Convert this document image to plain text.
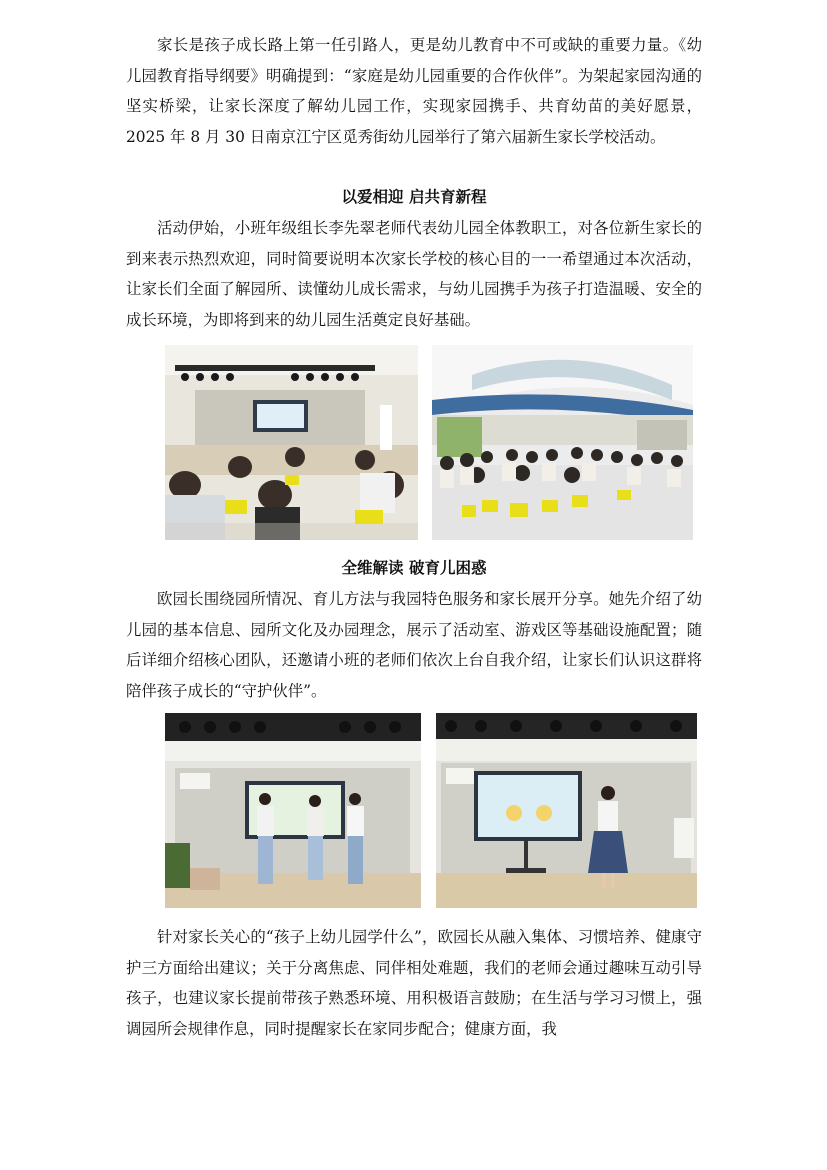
家长是孩子成长路上第一任引路人，更是幼儿教育中不可或缺的重要力量。《幼儿园教育指导纲要》明确提到：“家庭是幼儿园重要的合作伙伴”。为架起家园沟通的坚实桥梁，让家长深度了解幼儿园工作，实现家园携手、共育幼苗的美好愿景，2025 年 8 月 30 日南京江宁区觅秀街幼儿园举行了第六届新生家长学校活动。

以爱相迎 启共育新程

活动伊始，小班年级组长李先翠老师代表幼儿园全体教职工，对各位新生家长的到来表示热烈欢迎，同时简要说明本次家长学校的核心目的一一希望通过本次活动，让家长们全面了解园所、读懂幼儿成长需求，与幼儿园携手为孩子打造温暖、安全的成长环境，为即将到来的幼儿园生活奠定良好基础。

全维解读 破育儿困惑

欧园长围绕园所情况、育儿方法与我园特色服务和家长展开分享。她先介绍了幼儿园的基本信息、园所文化及办园理念，展示了活动室、游戏区等基础设施配置；随后详细介绍核心团队，还邀请小班的老师们依次上台自我介绍，让家长们认识这群将陪伴孩子成长的“守护伙伴”。

针对家长关心的“孩子上幼儿园学什么”，欧园长从融入集体、习惯培养、健康守护三方面给出建议；关于分离焦虑、同伴相处难题，我们的老师会通过趣味互动引导孩子，也建议家长提前带孩子熟悉环境、用积极语言鼓励；在生活与学习习惯上，强调园所会规律作息，同时提醒家长在家同步配合；健康方面，我
